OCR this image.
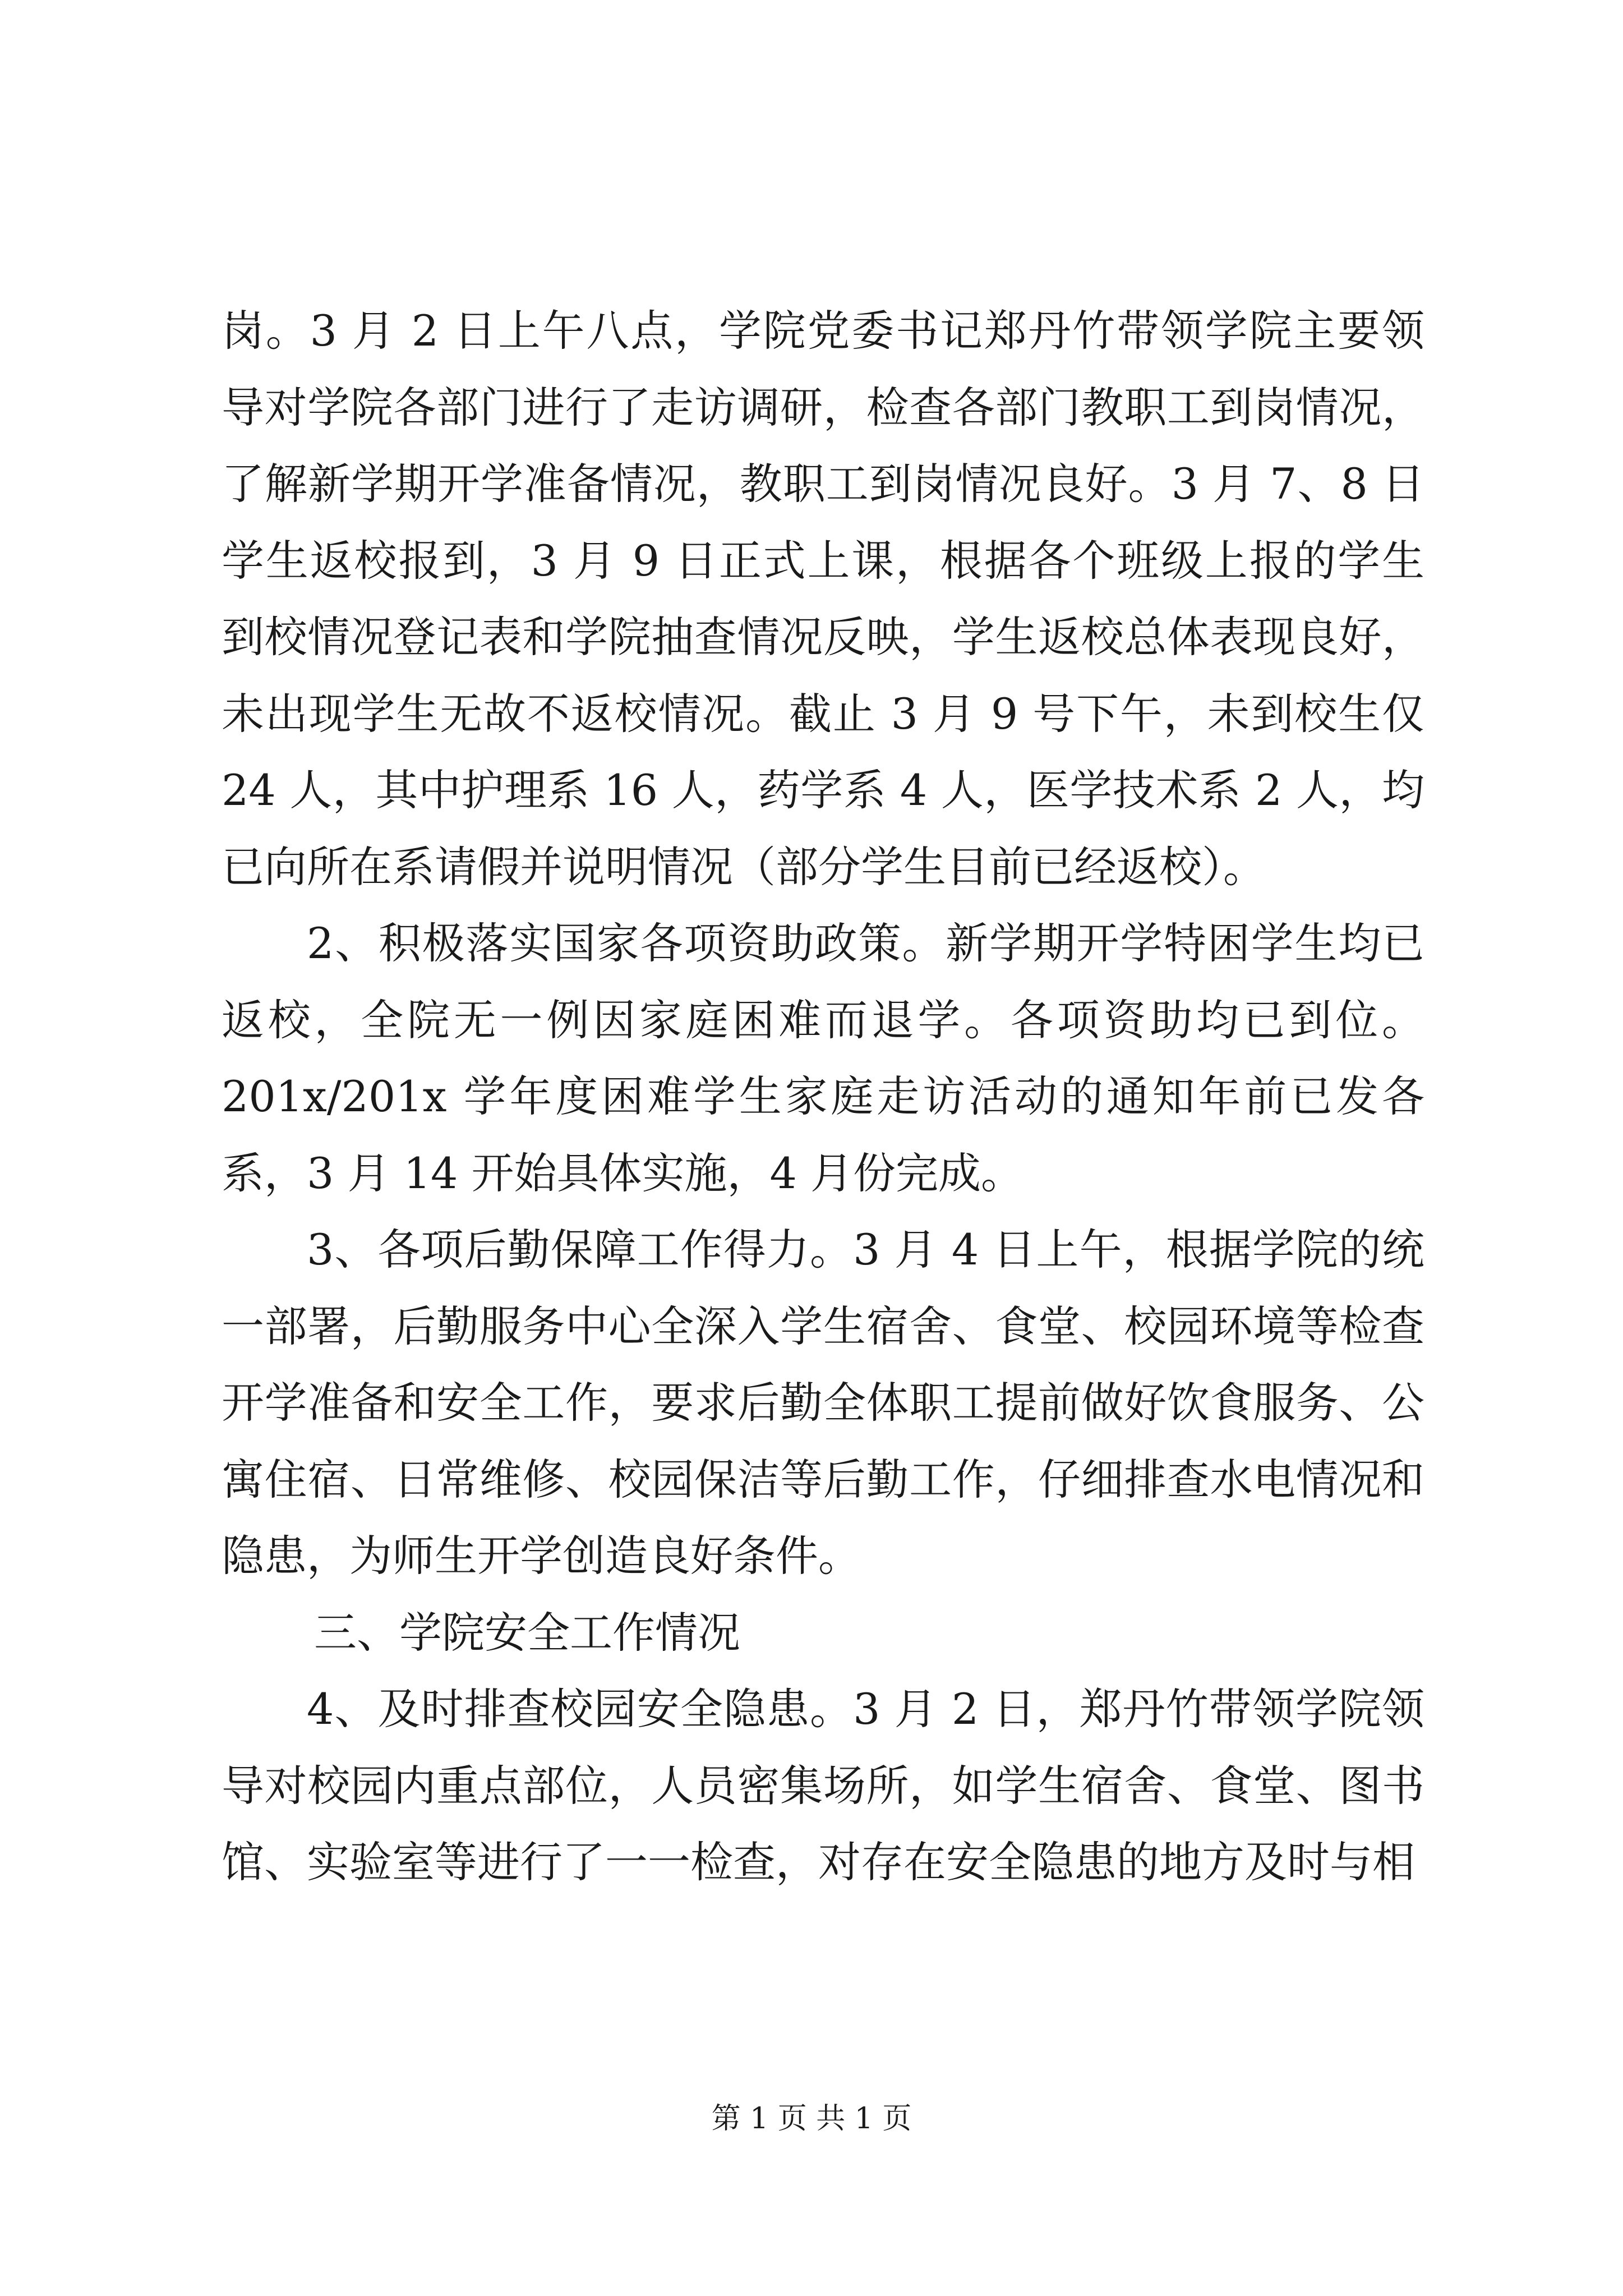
岗。3 月 2 日上午八点，学院党委书记郑丹竹带领学院主要领导对学院各部门进行了走访调研，检查各部门教职工到岗情况，了解新学期开学准备情况，教职工到岗情况良好。3 月 7、8 日学生返校报到，3 月 9 日正式上课，根据各个班级上报的学生到校情况登记表和学院抽查情况反映，学生返校总体表现良好，未出现学生无故不返校情况。截止 3 月 9 号下午，未到校生仅 24 人，其中护理系 16 人，药学系 4 人，医学技术系 2 人，均已向所在系请假并说明情况（部分学生目前已经返校）。

2、积极落实国家各项资助政策。新学期开学特困学生均已返校，全院无一例因家庭困难而退学。各项资助均已到位。201x/201x 学年度困难学生家庭走访活动的通知年前已发各系，3 月 14 开始具体实施，4 月份完成。

3、各项后勤保障工作得力。3 月 4 日上午，根据学院的统一部署，后勤服务中心全深入学生宿舍、食堂、校园环境等检查开学准备和安全工作，要求后勤全体职工提前做好饮食服务、公寓住宿、日常维修、校园保洁等后勤工作，仔细排查水电情况和隐患，为师生开学创造良好条件。

三、学院安全工作情况

4、及时排查校园安全隐患。3 月 2 日，郑丹竹带领学院领导对校园内重点部位，人员密集场所，如学生宿舍、食堂、图书馆、实验室等进行了一一检查，对存在安全隐患的地方及时与相

第 1 页 共 1 页
